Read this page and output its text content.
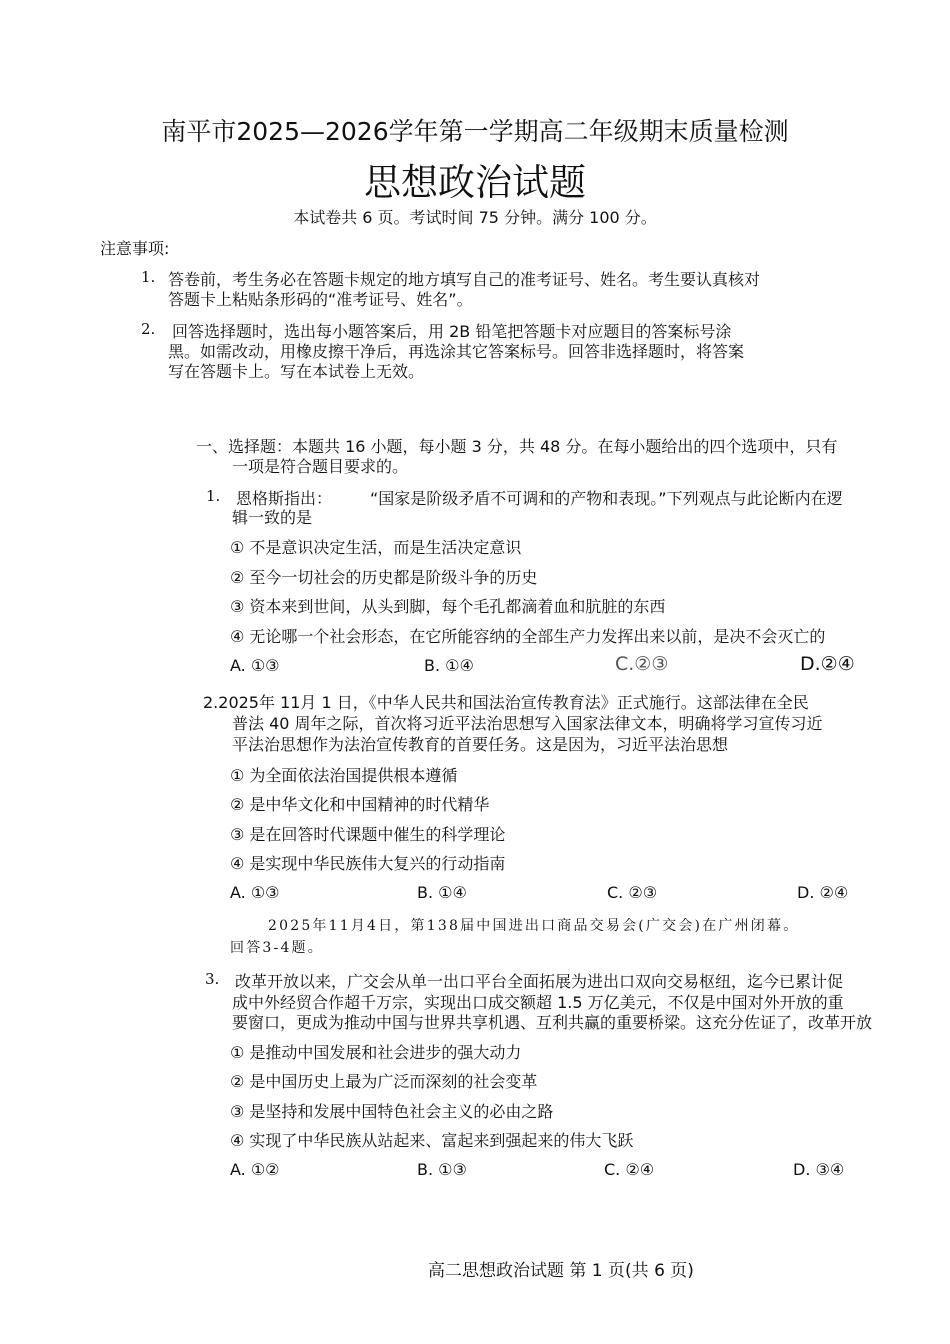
南平市2025—2026学年第一学期高二年级期末质量检测
思想政治试题
本试卷共 6 页。考试时间 75 分钟。满分 100 分。
注意事项:
1. 答卷前，考生务必在答题卡规定的地方填写自己的准考证号、姓名。考生要认真核对
答题卡上粘贴条形码的“准考证号、姓名”。
2. 回答选择题时，选出每小题答案后，用 2B 铅笔把答题卡对应题目的答案标号涂
黑。如需改动，用橡皮擦干净后，再选涂其它答案标号。回答非选择题时，将答案
写在答题卡上。写在本试卷上无效。
一、选择题：本题共 16 小题，每小题 3 分，共 48 分。在每小题给出的四个选项中，只有
一项是符合题目要求的。
1. 恩格斯指出： “国家是阶级矛盾不可调和的产物和表现。”下列观点与此论断内在逻
辑一致的是
① 不是意识决定生活，而是生活决定意识
② 至今一切社会的历史都是阶级斗争的历史
③ 资本来到世间，从头到脚，每个毛孔都滴着血和肮脏的东西
④ 无论哪一个社会形态，在它所能容纳的全部生产力发挥出来以前，是决不会灭亡的
A. ①③	B. ①④	C.②③	D.②④
2.2025年 11月 1 日，《中华人民共和国法治宣传教育法》正式施行。这部法律在全民
普法 40 周年之际，首次将习近平法治思想写入国家法律文本，明确将学习宣传习近
平法治思想作为法治宣传教育的首要任务。这是因为，习近平法治思想
① 为全面依法治国提供根本遵循
② 是中华文化和中国精神的时代精华
③ 是在回答时代课题中催生的科学理论
④ 是实现中华民族伟大复兴的行动指南
A. ①③	B. ①④	C. ②③	D. ②④
2025年11月4日，第138届中国进出口商品交易会(广交会)在广州闭幕。
回答3-4题。
3. 改革开放以来，广交会从单一出口平台全面拓展为进出口双向交易枢纽，迄今已累计促
成中外经贸合作超千万宗，实现出口成交额超 1.5 万亿美元，不仅是中国对外开放的重
要窗口，更成为推动中国与世界共享机遇、互利共赢的重要桥梁。这充分佐证了，改革开放
① 是推动中国发展和社会进步的强大动力
② 是中国历史上最为广泛而深刻的社会变革
③ 是坚持和发展中国特色社会主义的必由之路
④ 实现了中华民族从站起来、富起来到强起来的伟大飞跃
A. ①②	B. ①③	C. ②④	D. ③④
高二思想政治试题 第 1 页(共 6 页)
